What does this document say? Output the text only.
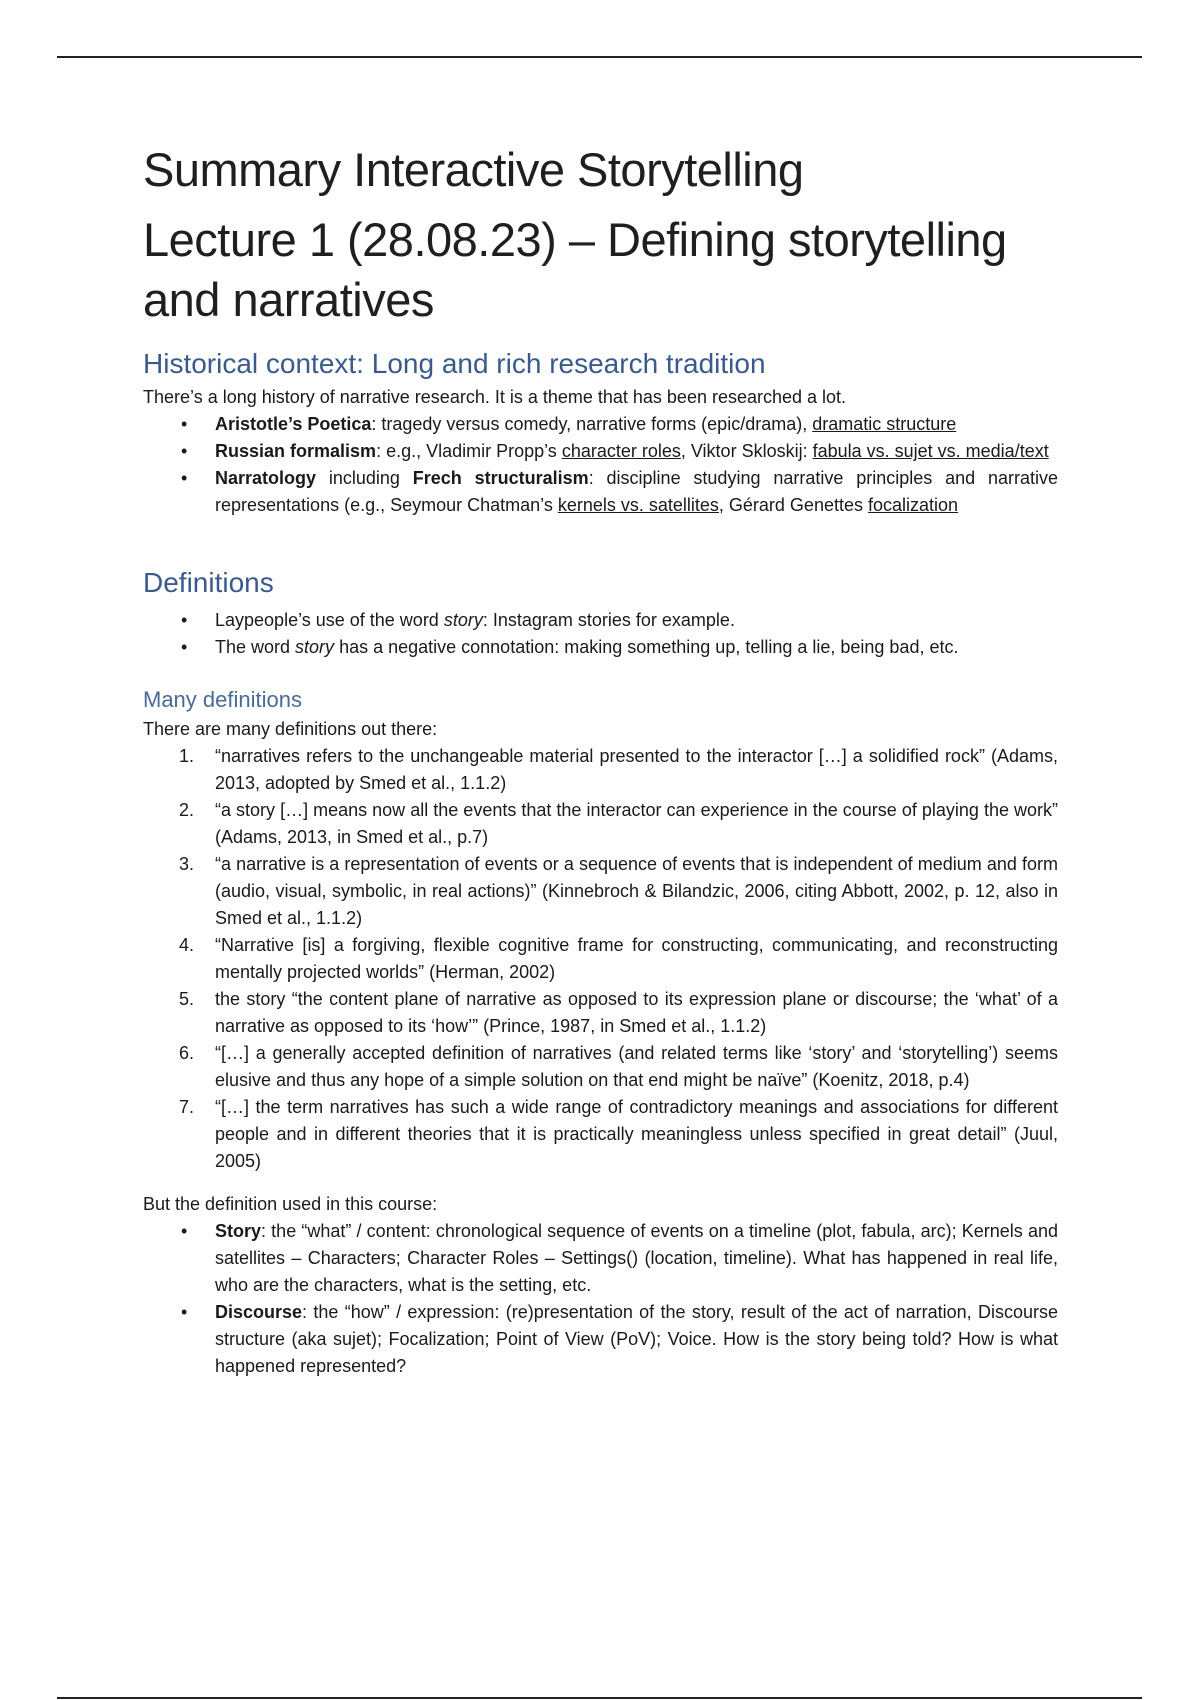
Summary Interactive Storytelling
Lecture 1 (28.08.23) – Defining storytelling and narratives
Historical context: Long and rich research tradition

There’s a long history of narrative research. It is a theme that has been researched a lot.

• Aristotle’s Poetica: tragedy versus comedy, narrative forms (epic/drama), dramatic structure
• Russian formalism: e.g., Vladimir Propp’s character roles, Viktor Skloskij: fabula vs. sujet vs. media/text
• Narratology including Frech structuralism: discipline studying narrative principles and narrative representations (e.g., Seymour Chatman’s kernels vs. satellites, Gérard Genettes focalization
Definitions
• Laypeople’s use of the word story: Instagram stories for example.
• The word story has a negative connotation: making something up, telling a lie, being bad, etc.
Many definitions

There are many definitions out there:

1. “narratives refers to the unchangeable material presented to the interactor […] a solidified rock” (Adams, 2013, adopted by Smed et al., 1.1.2)
2. “a story […] means now all the events that the interactor can experience in the course of playing the work” (Adams, 2013, in Smed et al., p.7)
3. “a narrative is a representation of events or a sequence of events that is independent of medium and form (audio, visual, symbolic, in real actions)” (Kinnebroch & Bilandzic, 2006, citing Abbott, 2002, p. 12, also in Smed et al., 1.1.2)
4. “Narrative [is] a forgiving, flexible cognitive frame for constructing, communicating, and reconstructing mentally projected worlds” (Herman, 2002)
5. the story “the content plane of narrative as opposed to its expression plane or discourse; the ‘what’ of a narrative as opposed to its ‘how’” (Prince, 1987, in Smed et al., 1.1.2)
6. “[…] a generally accepted definition of narratives (and related terms like ‘story’ and ‘storytelling’) seems elusive and thus any hope of a simple solution on that end might be naïve” (Koenitz, 2018, p.4)
7. “[…] the term narratives has such a wide range of contradictory meanings and associations for different people and in different theories that it is practically meaningless unless specified in great detail” (Juul, 2005)

But the definition used in this course:

• Story: the “what” / content: chronological sequence of events on a timeline (plot, fabula, arc); Kernels and satellites – Characters; Character Roles – Settings() (location, timeline). What has happened in real life, who are the characters, what is the setting, etc.
• Discourse: the “how” / expression: (re)presentation of the story, result of the act of narration, Discourse structure (aka sujet); Focalization; Point of View (PoV); Voice. How is the story being told? How is what happened represented?
